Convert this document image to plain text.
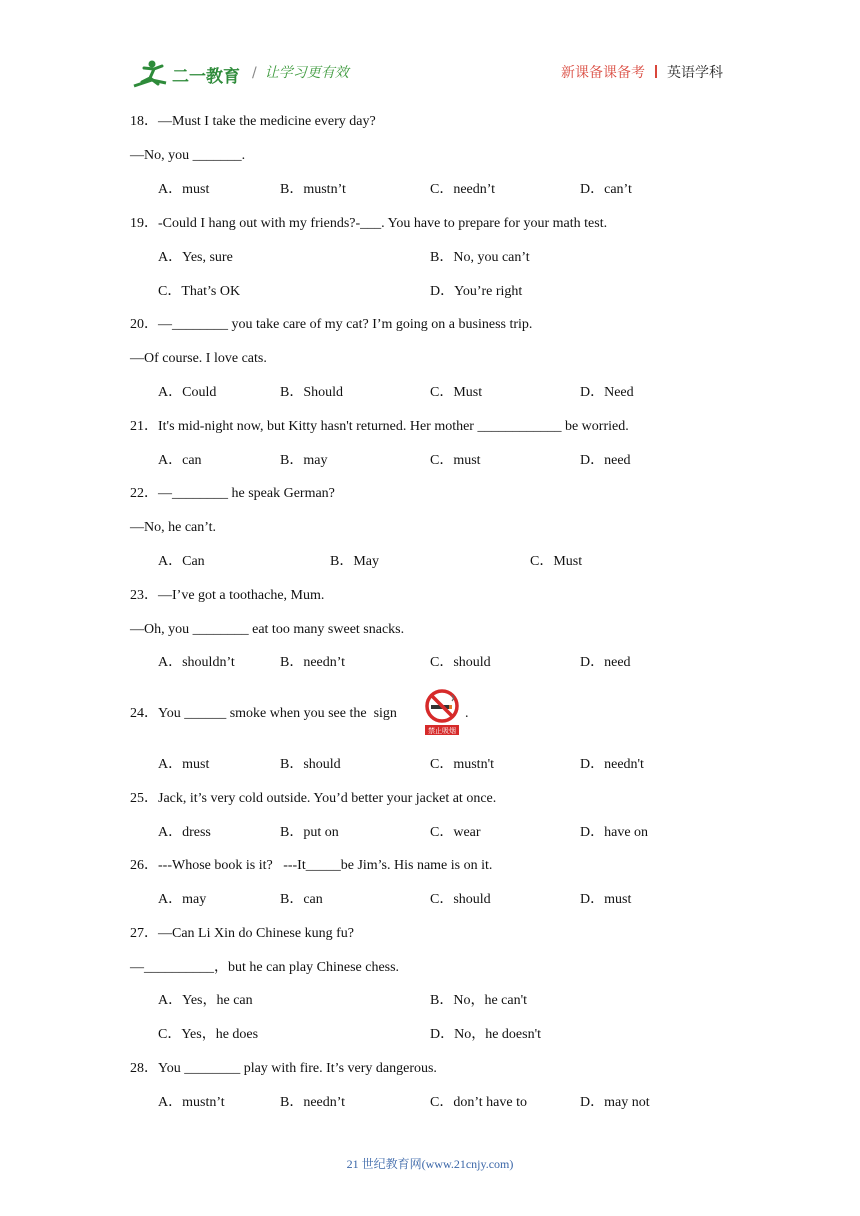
二一教育 / 让学习更有效	新课备课备考 英语学科
18．—Must I take the medicine every day?
—No, you _______.
A．must	B．mustn’t	C．needn’t	D．can’t
19．-Could I hang out with my friends?-___. You have to prepare for your math test.
A．Yes, sure	B．No, you can’t
C．That’s OK	D．You’re right
20．—________ you take care of my cat? I’m going on a business trip.
—Of course. I love cats.
A．Could	B．Should	C．Must	D．Need
21．It's mid-night now, but Kitty hasn't returned. Her mother ____________ be worried.
A．can	B．may	C．must	D．need
22．—________ he speak German?
—No, he can’t.
A．Can	B．May	C．Must
23．—I’ve got a toothache, Mum.
—Oh, you ________ eat too many sweet snacks.
A．shouldn’t	B．needn’t	C．should	D．need
24．You ______ smoke when you see the  sign
禁止吸烟
.
A．must	B．should	C．mustn't	D．needn't
25．Jack, it’s very cold outside. You’d better your jacket at once.
A．dress	B．put on	C．wear	D．have on
26．---Whose book is it?   ---It_____be Jim’s. His name is on it.
A．may	B．can	C．should	D．must
27．—Can Li Xin do Chinese kung fu?
—__________，but he can play Chinese chess.
A．Yes，he can	B．No，he can't
C．Yes，he does	D．No，he doesn't
28．You ________ play with fire. It’s very dangerous.
A．mustn’t	B．needn’t	C．don’t have to	D．may not
21 世纪教育网(www.21cnjy.com)
